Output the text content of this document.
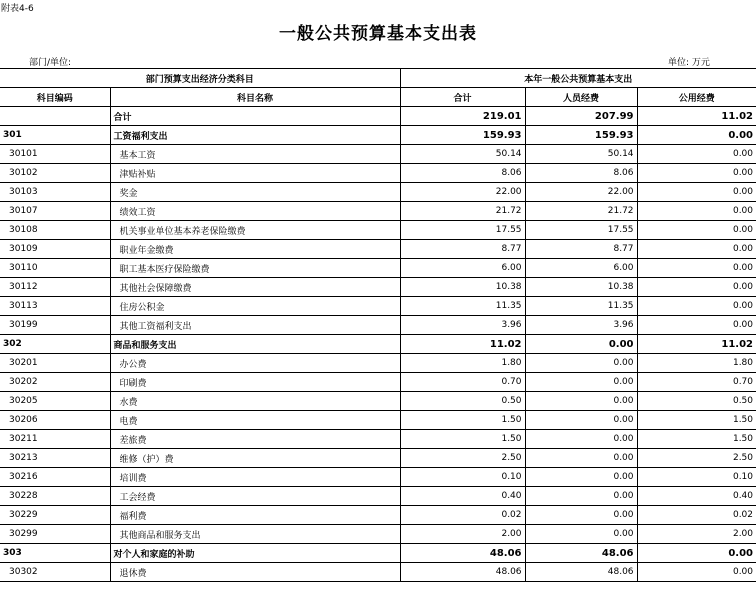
附表4-6
一般公共预算基本支出表
部门/单位:	单位: 万元
部门预算支出经济分类科目		本年一般公共预算基本支出		
科目编码	科目名称	合计	人员经费	公用经费
	合计	219.01	207.99	11.02
301	工资福利支出	159.93	159.93	0.00
30101	基本工资	50.14	50.14	0.00
30102	津贴补贴	8.06	8.06	0.00
30103	奖金	22.00	22.00	0.00
30107	绩效工资	21.72	21.72	0.00
30108	机关事业单位基本养老保险缴费	17.55	17.55	0.00
30109	职业年金缴费	8.77	8.77	0.00
30110	职工基本医疗保险缴费	6.00	6.00	0.00
30112	其他社会保障缴费	10.38	10.38	0.00
30113	住房公积金	11.35	11.35	0.00
30199	其他工资福利支出	3.96	3.96	0.00
302	商品和服务支出	11.02	0.00	11.02
30201	办公费	1.80	0.00	1.80
30202	印刷费	0.70	0.00	0.70
30205	水费	0.50	0.00	0.50
30206	电费	1.50	0.00	1.50
30211	差旅费	1.50	0.00	1.50
30213	维修（护）费	2.50	0.00	2.50
30216	培训费	0.10	0.00	0.10
30228	工会经费	0.40	0.00	0.40
30229	福利费	0.02	0.00	0.02
30299	其他商品和服务支出	2.00	0.00	2.00
303	对个人和家庭的补助	48.06	48.06	0.00
30302	退休费	48.06	48.06	0.00
